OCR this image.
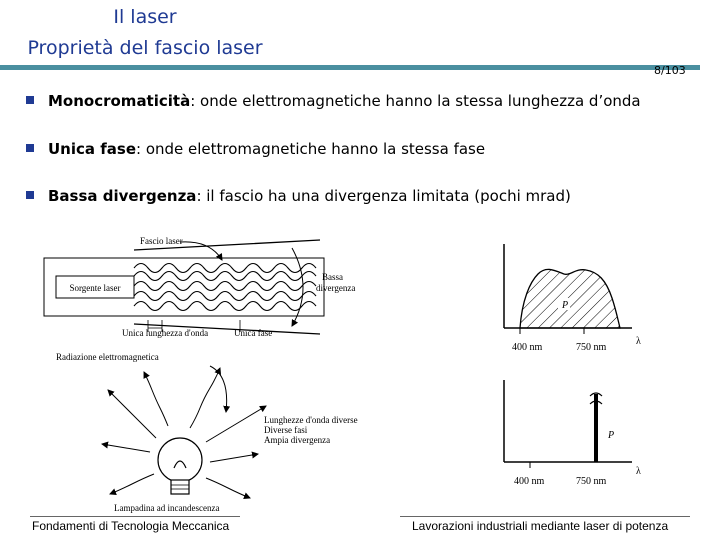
Il laser
Proprietà del fascio laser
8/103
Monocromaticità: onde elettromagnetiche hanno la stessa lunghezza d’onda
Unica fase: onde elettromagnetiche hanno la stessa fase
Bassa divergenza: il fascio ha una divergenza limitata (pochi mrad)
Sorgente laser
Fascio laser
Bassa
divergenza
Unica lunghezza d'onda	Unica fase
Radiazione elettromagnetica
Lunghezze d'onda diverse
Diverse fasi
Ampia divergenza
Lampadina ad incandescenza
P
400 nm	750 nm
λ
P
400 nm	750 nm
λ
Fondamenti di Tecnologia Meccanica	Lavorazioni industriali mediante laser di potenza
